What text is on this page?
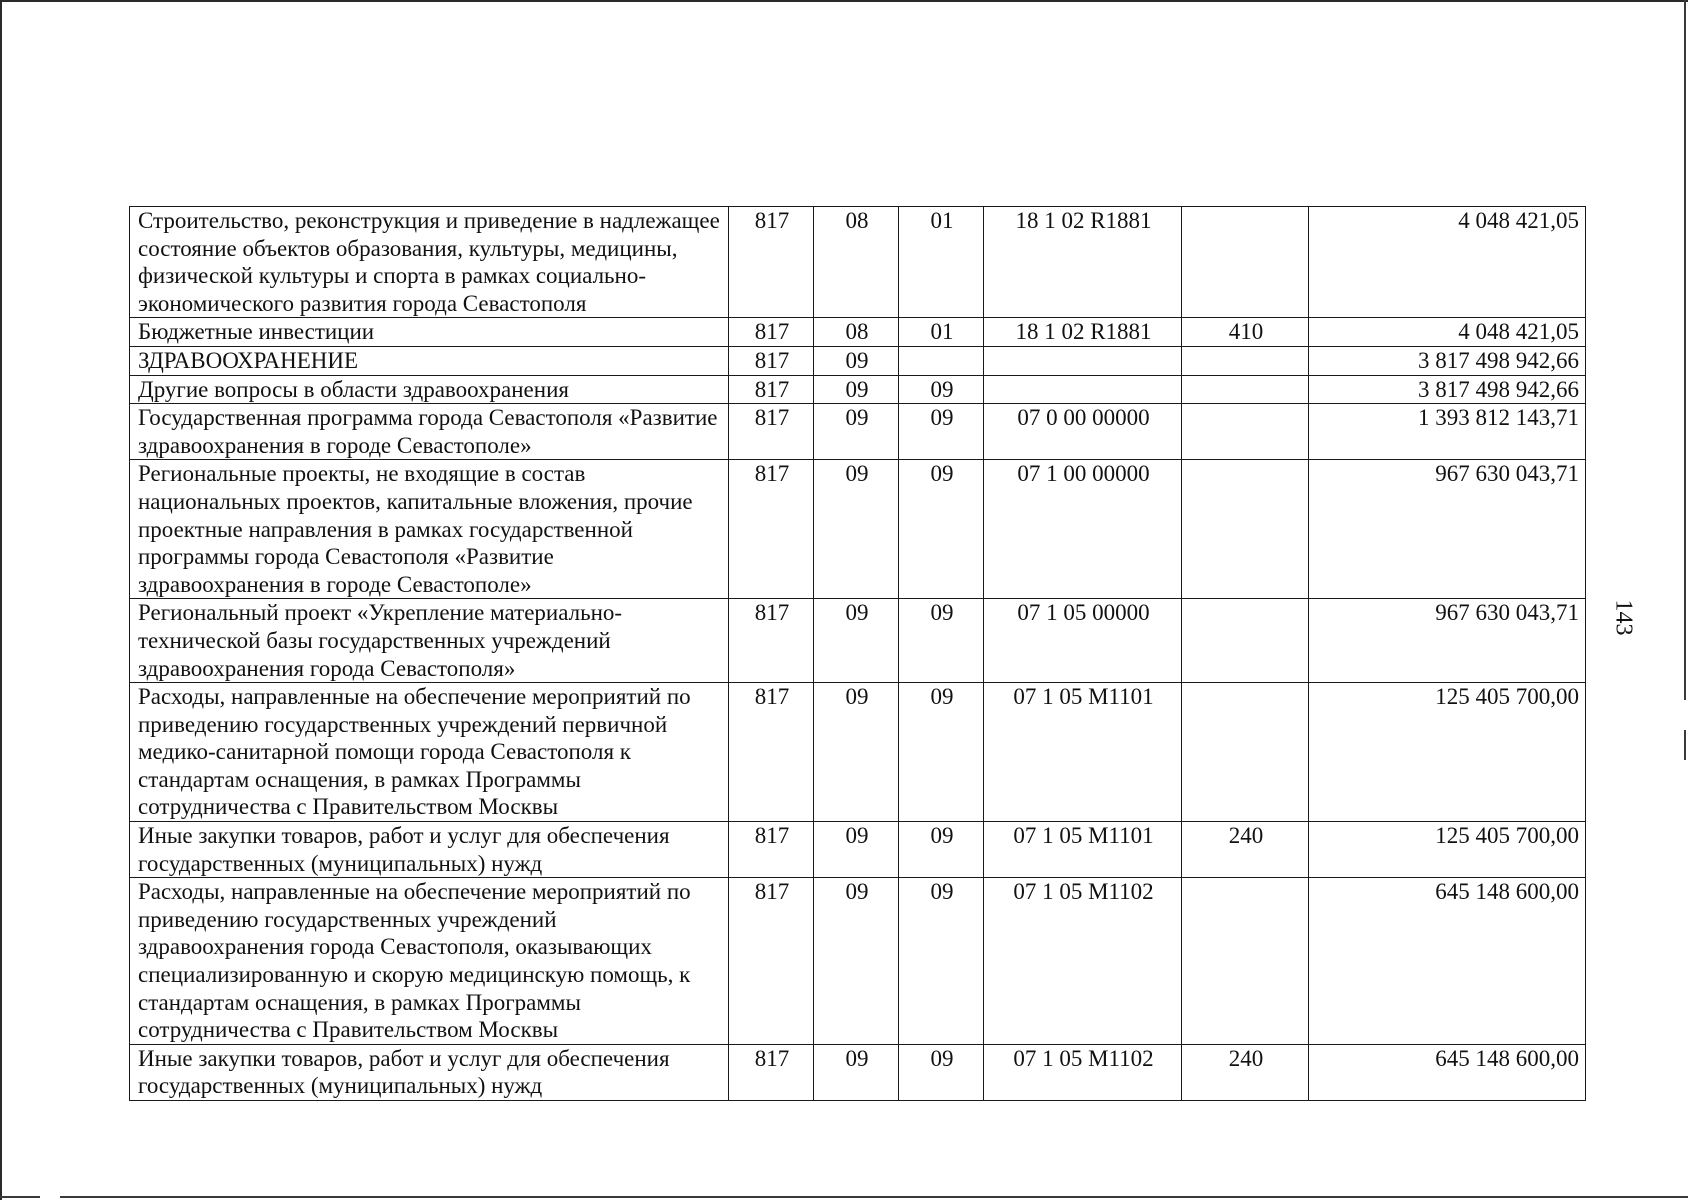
143
Строительство, реконструкция и приведение в надлежащее состояние объектов образования, культуры, медицины, физической культуры и спорта в рамках социально-экономического развития города Севастополя	817	08	01	18 1 02 R1881		4 048 421,05
Бюджетные инвестиции	817	08	01	18 1 02 R1881	410	4 048 421,05
ЗДРАВООХРАНЕНИЕ	817	09				3 817 498 942,66
Другие вопросы в области здравоохранения	817	09	09			3 817 498 942,66
Государственная программа города Севастополя «Развитие здравоохранения в городе Севастополе»	817	09	09	07 0 00 00000		1 393 812 143,71
Региональные проекты, не входящие в состав национальных проектов, капитальные вложения, прочие проектные направления в рамках государственной программы города Севастополя «Развитие здравоохранения в городе Севастополе»	817	09	09	07 1 00 00000		967 630 043,71
Региональный проект «Укрепление материально-технической базы государственных учреждений здравоохранения города Севастополя»	817	09	09	07 1 05 00000		967 630 043,71
Расходы, направленные на обеспечение мероприятий по приведению государственных учреждений первичной медико-санитарной помощи города Севастополя к стандартам оснащения, в рамках Программы сотрудничества с Правительством Москвы	817	09	09	07 1 05 M1101		125 405 700,00
Иные закупки товаров, работ и услуг для обеспечения государственных (муниципальных) нужд	817	09	09	07 1 05 M1101	240	125 405 700,00
Расходы, направленные на обеспечение мероприятий по приведению государственных учреждений здравоохранения города Севастополя, оказывающих специализированную и скорую медицинскую помощь, к стандартам оснащения, в рамках Программы сотрудничества с Правительством Москвы	817	09	09	07 1 05 M1102		645 148 600,00
Иные закупки товаров, работ и услуг для обеспечения государственных (муниципальных) нужд	817	09	09	07 1 05 M1102	240	645 148 600,00
